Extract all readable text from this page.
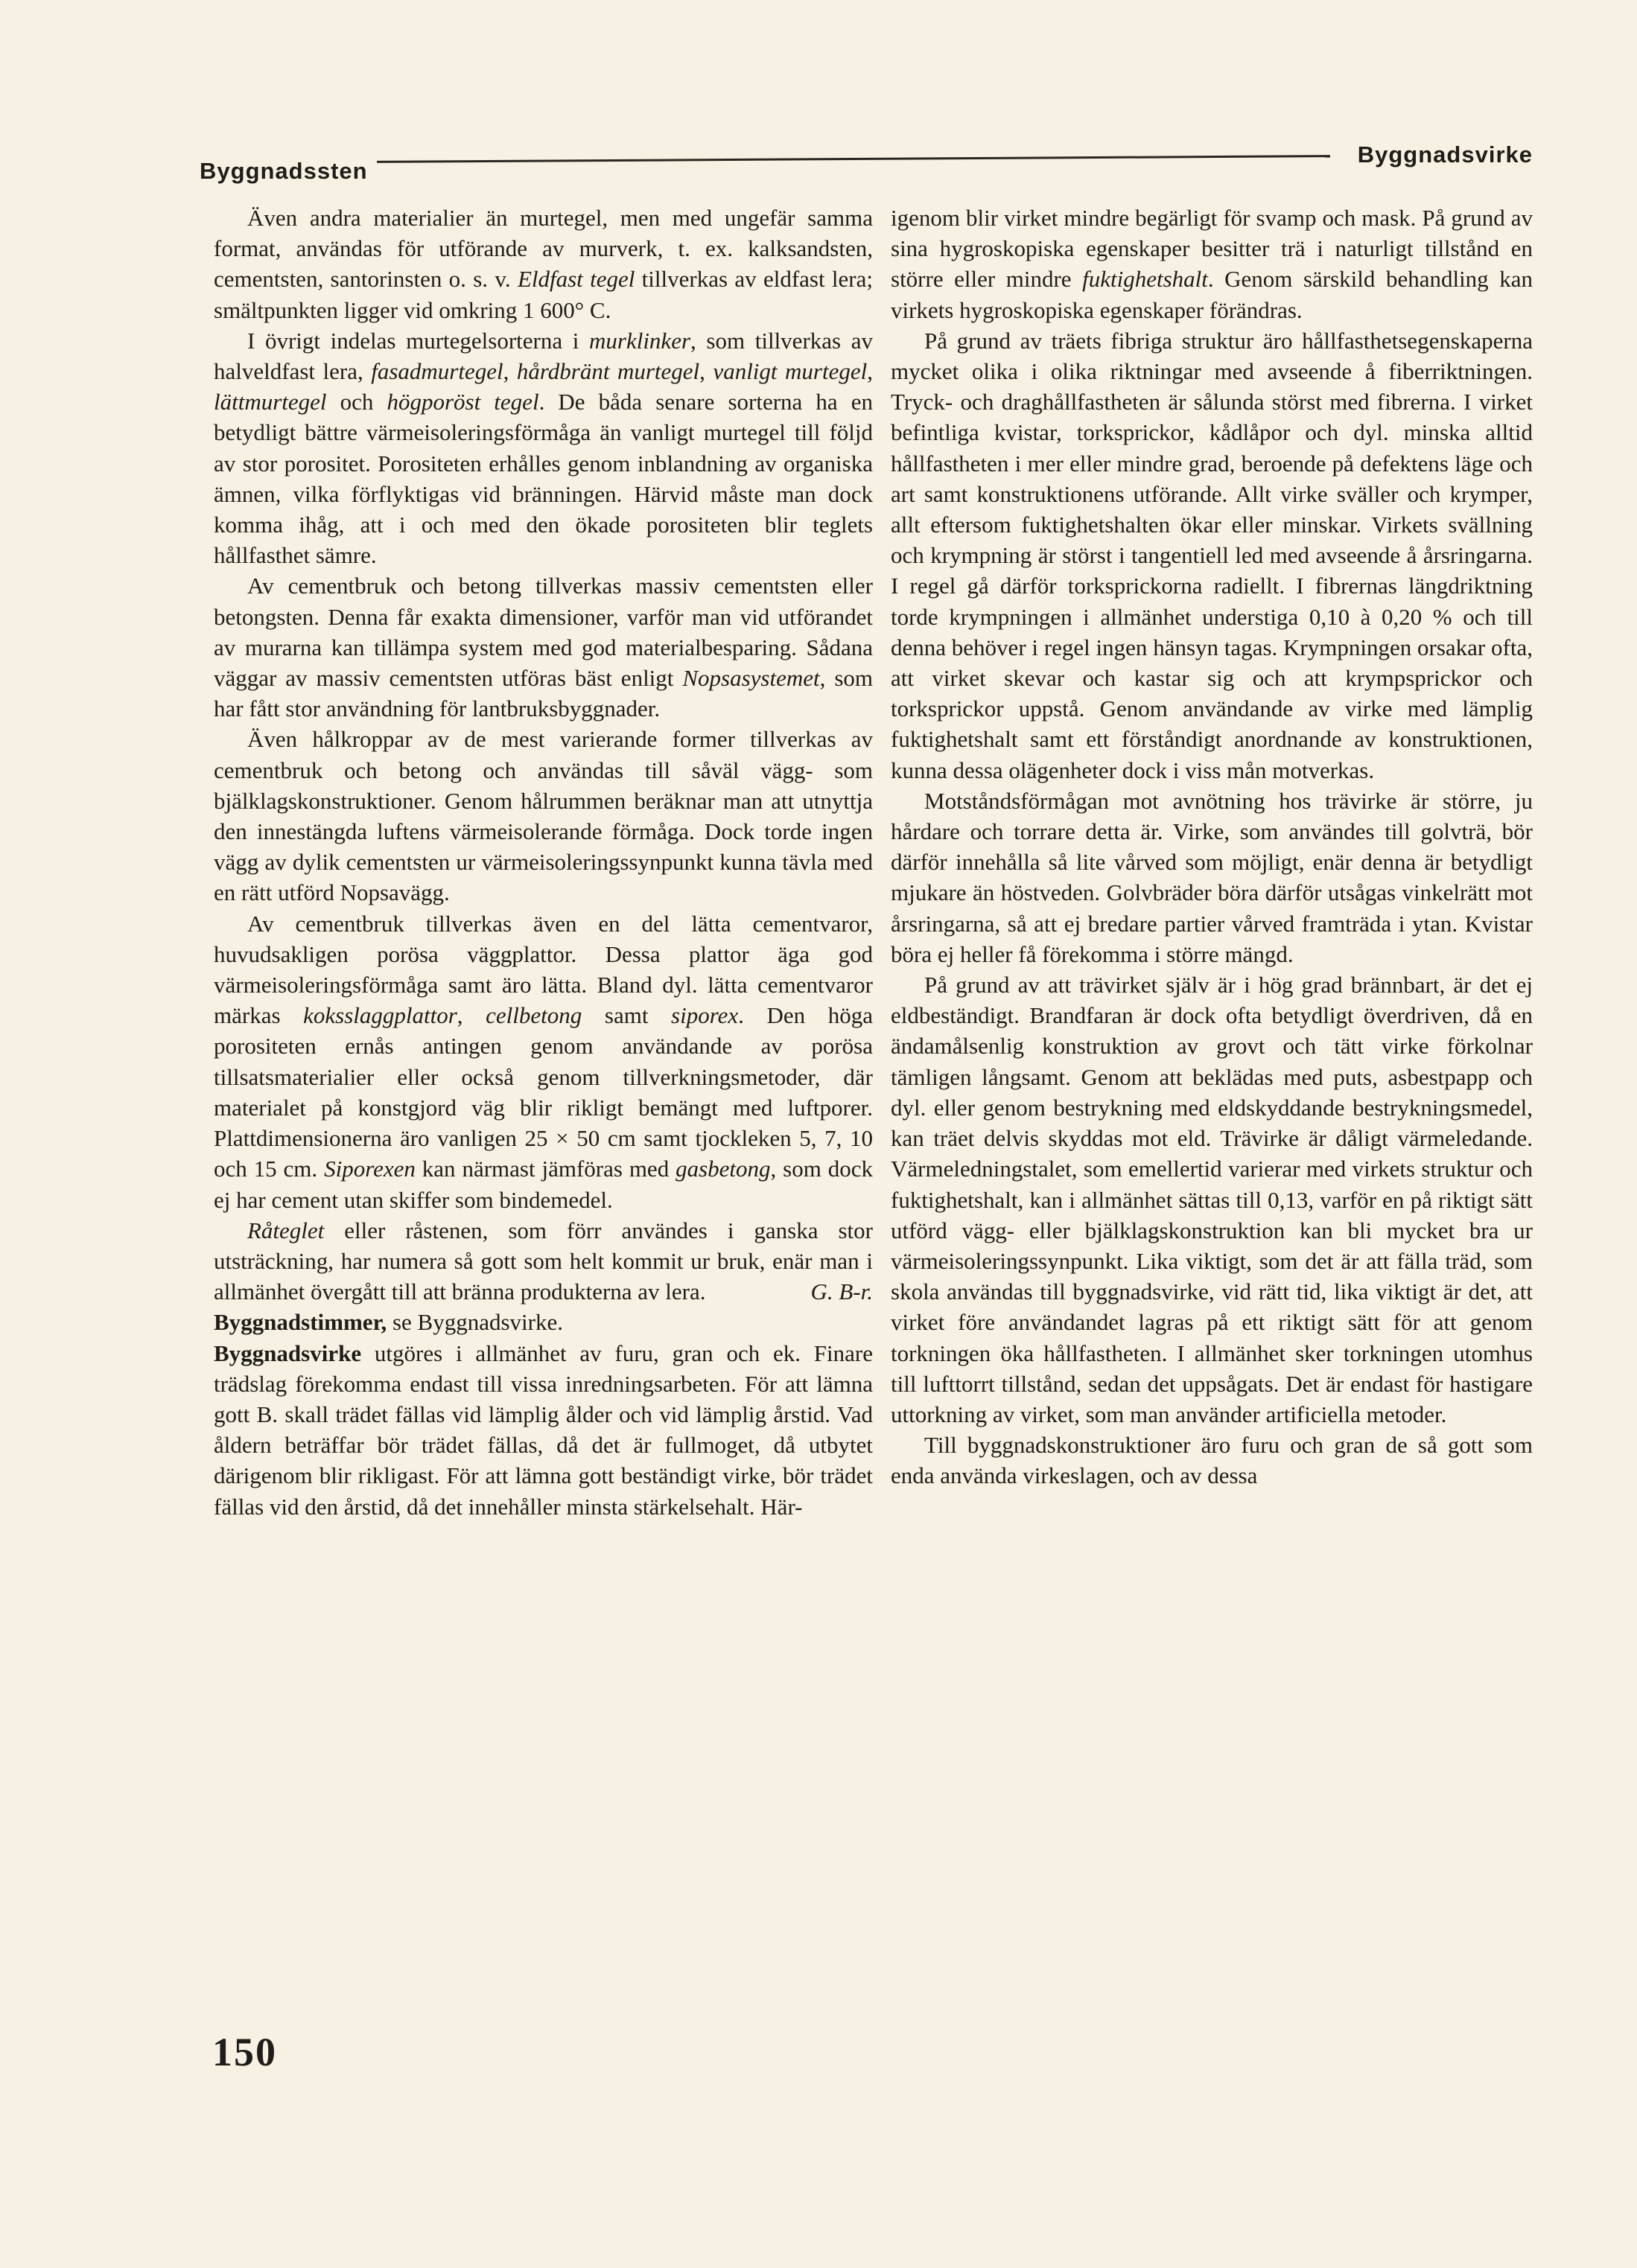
Byggnadssten
Byggnadsvirke

Även andra materialier än murtegel, men med ungefär samma format, användas för utförande av murverk, t. ex. kalksandsten, cementsten, santorinsten o. s. v. Eldfast tegel tillverkas av eldfast lera; smältpunkten ligger vid omkring 1 600° C.

I övrigt indelas murtegelsorterna i murklinker, som tillverkas av halveldfast lera, fasadmurtegel, hårdbränt murtegel, vanligt murtegel, lättmurtegel och högporöst tegel. De båda senare sorterna ha en betydligt bättre värmeisoleringsförmåga än vanligt murtegel till följd av stor porositet. Porositeten erhålles genom inblandning av organiska ämnen, vilka förflyktigas vid bränningen. Härvid måste man dock komma ihåg, att i och med den ökade porositeten blir teglets hållfasthet sämre.

Av cementbruk och betong tillverkas massiv cementsten eller betongsten. Denna får exakta dimensioner, varför man vid utförandet av murarna kan tillämpa system med god materialbesparing. Sådana väggar av massiv cementsten utföras bäst enligt Nopsasystemet, som har fått stor användning för lantbruksbyggnader.

Även hålkroppar av de mest varierande former tillverkas av cementbruk och betong och användas till såväl vägg- som bjälklagskonstruktioner. Genom hålrummen beräknar man att utnyttja den innestängda luftens värmeisolerande förmåga. Dock torde ingen vägg av dylik cementsten ur värmeisoleringssynpunkt kunna tävla med en rätt utförd Nopsavägg.

Av cementbruk tillverkas även en del lätta cementvaror, huvudsakligen porösa väggplattor. Dessa plattor äga god värmeisoleringsförmåga samt äro lätta. Bland dyl. lätta cementvaror märkas koksslaggplattor, cellbetong samt siporex. Den höga porositeten ernås antingen genom användande av porösa tillsatsmaterialier eller också genom tillverkningsmetoder, där materialet på konstgjord väg blir rikligt bemängt med luftporer. Plattdimensionerna äro vanligen 25 × 50 cm samt tjockleken 5, 7, 10 och 15 cm. Siporexen kan närmast jämföras med gasbetong, som dock ej har cement utan skiffer som bindemedel.

Råteglet eller råstenen, som förr användes i ganska stor utsträckning, har numera så gott som helt kommit ur bruk, enär man i allmänhet övergått till att bränna produkterna av lera.	G. B-r.

Byggnadstimmer, se Byggnadsvirke.

Byggnadsvirke utgöres i allmänhet av furu, gran och ek. Finare trädslag förekomma endast till vissa inredningsarbeten. För att lämna gott B. skall trädet fällas vid lämplig ålder och vid lämplig årstid. Vad åldern beträffar bör trädet fällas, då det är fullmoget, då utbytet därigenom blir rikligast. För att lämna gott beständigt virke, bör trädet fällas vid den årstid, då det innehåller minsta stärkelsehalt. Här-

igenom blir virket mindre begärligt för svamp och mask. På grund av sina hygroskopiska egenskaper besitter trä i naturligt tillstånd en större eller mindre fuktighetshalt. Genom särskild behandling kan virkets hygroskopiska egenskaper förändras.

På grund av träets fibriga struktur äro hållfasthetsegenskaperna mycket olika i olika riktningar med avseende å fiberriktningen. Tryck- och draghållfastheten är sålunda störst med fibrerna. I virket befintliga kvistar, torksprickor, kådlåpor och dyl. minska alltid hållfastheten i mer eller mindre grad, beroende på defektens läge och art samt konstruktionens utförande. Allt virke sväller och krymper, allt eftersom fuktighetshalten ökar eller minskar. Virkets svällning och krympning är störst i tangentiell led med avseende å årsringarna. I regel gå därför torksprickorna radiellt. I fibrernas längdriktning torde krympningen i allmänhet understiga 0,10 à 0,20 % och till denna behöver i regel ingen hänsyn tagas. Krympningen orsakar ofta, att virket skevar och kastar sig och att krympsprickor och torksprickor uppstå. Genom användande av virke med lämplig fuktighetshalt samt ett förståndigt anordnande av konstruktionen, kunna dessa olägenheter dock i viss mån motverkas.

Motståndsförmågan mot avnötning hos trävirke är större, ju hårdare och torrare detta är. Virke, som användes till golvträ, bör därför innehålla så lite vårved som möjligt, enär denna är betydligt mjukare än höstveden. Golvbräder böra därför utsågas vinkelrätt mot årsringarna, så att ej bredare partier vårved framträda i ytan. Kvistar böra ej heller få förekomma i större mängd.

På grund av att trävirket själv är i hög grad brännbart, är det ej eldbeständigt. Brandfaran är dock ofta betydligt överdriven, då en ändamålsenlig konstruktion av grovt och tätt virke förkolnar tämligen långsamt. Genom att beklädas med puts, asbestpapp och dyl. eller genom bestrykning med eldskyddande bestrykningsmedel, kan träet delvis skyddas mot eld. Trävirke är dåligt värmeledande. Värmeledningstalet, som emellertid varierar med virkets struktur och fuktighetshalt, kan i allmänhet sättas till 0,13, varför en på riktigt sätt utförd vägg- eller bjälklagskonstruktion kan bli mycket bra ur värmeisoleringssynpunkt. Lika viktigt, som det är att fälla träd, som skola användas till byggnadsvirke, vid rätt tid, lika viktigt är det, att virket före användandet lagras på ett riktigt sätt för att genom torkningen öka hållfastheten. I allmänhet sker torkningen utomhus till lufttorrt tillstånd, sedan det uppsågats. Det är endast för hastigare uttorkning av virket, som man använder artificiella metoder.

Till byggnadskonstruktioner äro furu och gran de så gott som enda använda virkeslagen, och av dessa

150
